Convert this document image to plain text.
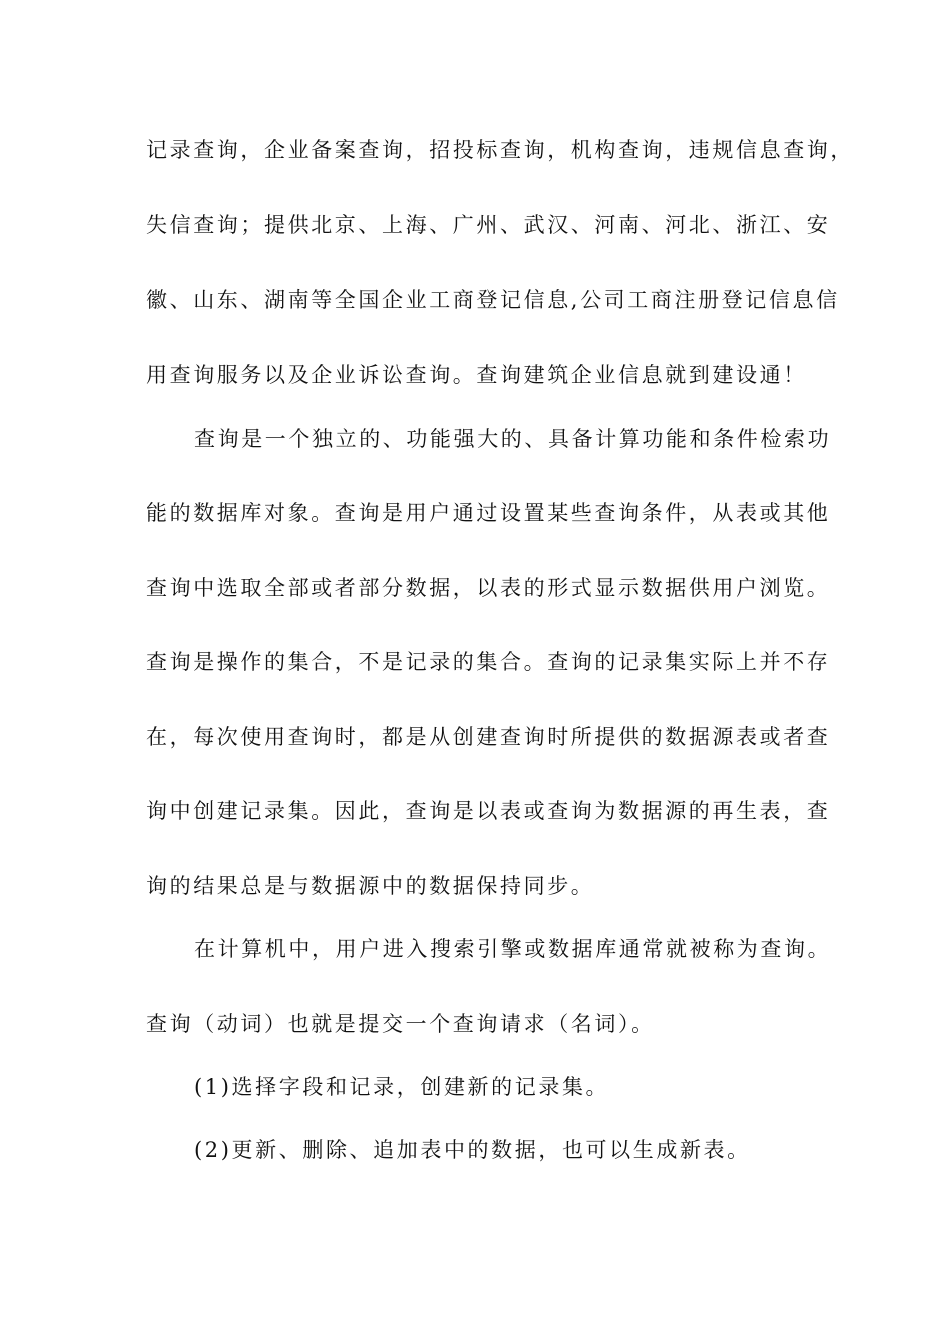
记录查询，企业备案查询，招投标查询，机构查询，违规信息查询，
失信查询；提供北京、上海、广州、武汉、河南、河北、浙江、安
徽、山东、湖南等全国企业工商登记信息,公司工商注册登记信息信
用查询服务以及企业诉讼查询。查询建筑企业信息就到建设通！
查询是一个独立的、功能强大的、具备计算功能和条件检索功
能的数据库对象。查询是用户通过设置某些查询条件，从表或其他
查询中选取全部或者部分数据，以表的形式显示数据供用户浏览。
查询是操作的集合，不是记录的集合。查询的记录集实际上并不存
在，每次使用查询时，都是从创建查询时所提供的数据源表或者查
询中创建记录集。因此，查询是以表或查询为数据源的再生表，查
询的结果总是与数据源中的数据保持同步。
在计算机中，用户进入搜索引擎或数据库通常就被称为查询。
查询（动词）也就是提交一个查询请求（名词）。
(1)选择字段和记录，创建新的记录集。
(2)更新、删除、追加表中的数据，也可以生成新表。
